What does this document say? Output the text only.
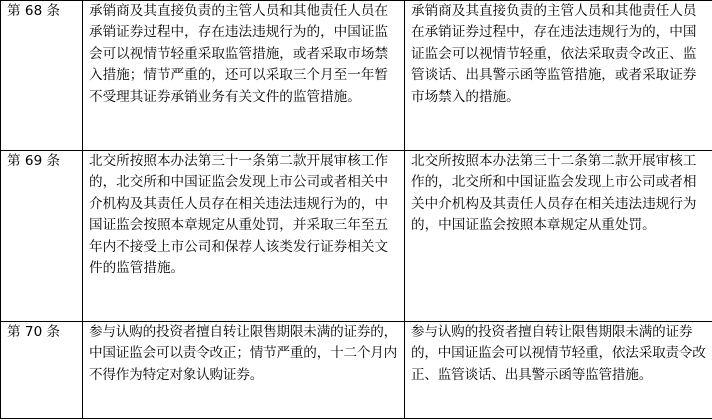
第 68 条	承销商及其直接负责的主管人员和其他责任人员在承销证券过程中，存在违法违规行为的，中国证监会可以视情节轻重采取监管措施，或者采取市场禁入措施；情节严重的，还可以采取三个月至一年暂不受理其证券承销业务有关文件的监管措施。	承销商及其直接负责的主管人员和其他责任人员在承销证券过程中，存在违法违规行为的，中国证监会可以视情节轻重，依法采取责令改正、监管谈话、出具警示函等监管措施，或者采取证券市场禁入的措施。
第 69 条	北交所按照本办法第三十一条第二款开展审核工作的，北交所和中国证监会发现上市公司或者相关中介机构及其责任人员存在相关违法违规行为的，中国证监会按照本章规定从重处罚，并采取三年至五年内不接受上市公司和保荐人该类发行证券相关文件的监管措施。	北交所按照本办法第三十二条第二款开展审核工作的，北交所和中国证监会发现上市公司或者相关中介机构及其责任人员存在相关违法违规行为的，中国证监会按照本章规定从重处罚。
第 70 条	参与认购的投资者擅自转让限售期限未满的证券的，中国证监会可以责令改正；情节严重的，十二个月内不得作为特定对象认购证券。	参与认购的投资者擅自转让限售期限未满的证券的，中国证监会可以视情节轻重，依法采取责令改正、监管谈话、出具警示函等监管措施。
